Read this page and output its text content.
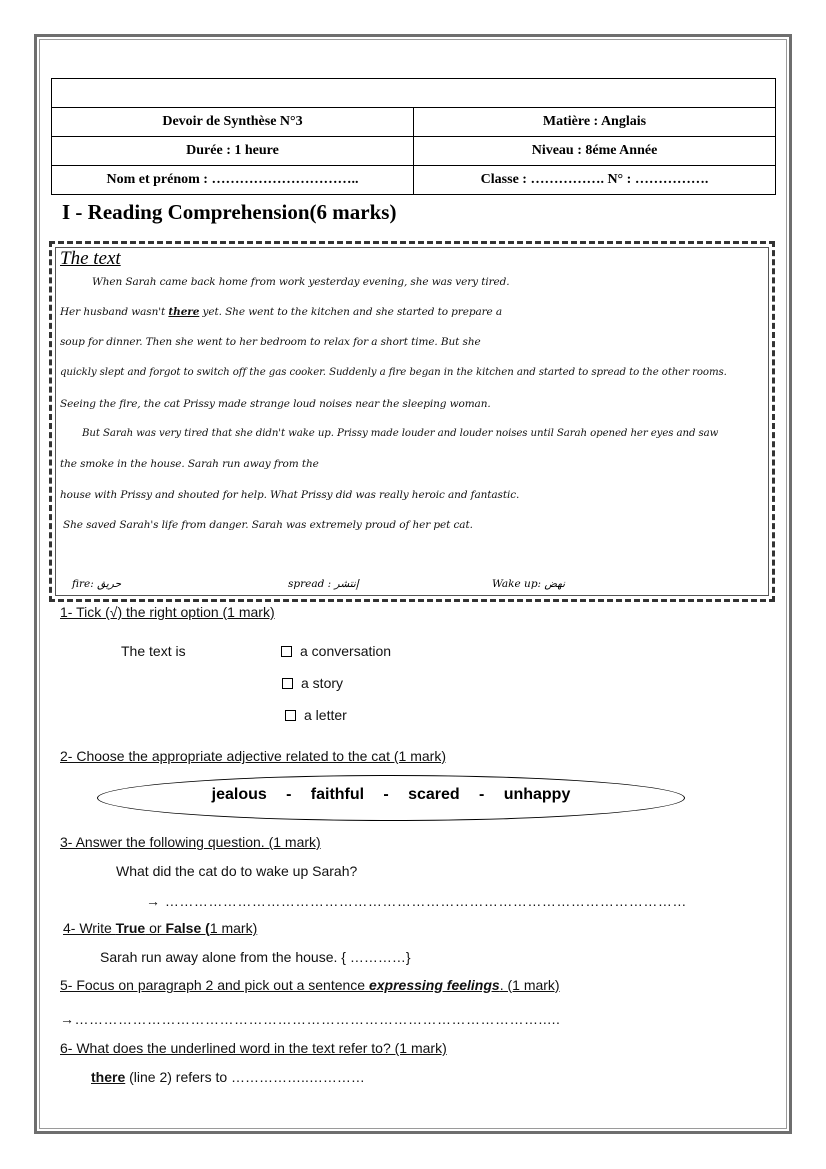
Devoir de Synthèse N°3	Matière : Anglais
Durée : 1 heure	Niveau : 8éme Année
Nom et prénom : …………………………..	Classe : ……………. N° : …………….
I - Reading Comprehension(6 marks)
The text
When Sarah came back home from work yesterday evening, she was very tired.
Her husband wasn't there yet. She went to the kitchen and she started to prepare a
soup for dinner. Then she went to her bedroom to relax for a short time. But she
quickly slept and forgot to switch off the gas cooker. Suddenly a fire began in the kitchen and started to spread to the other rooms.
Seeing the fire, the cat Prissy made strange loud noises near the sleeping woman.
But Sarah was very tired that she didn't wake up. Prissy made louder and louder noises until Sarah opened her eyes and saw
the smoke in the house. Sarah run away from the
house with Prissy and shouted for help. What Prissy did was really heroic and fantastic.
She saved Sarah's life from danger. Sarah was extremely proud of her pet cat.
fire: حريق	spread : إنتشر	Wake up: نهض
1- Tick (√) the right option (1 mark)
The text is	a conversation
a story
a letter
2- Choose the appropriate adjective related to the cat (1 mark)
jealous   -   faithful   -   scared   -   unhappy
3- Answer the following question. (1 mark)
What did the cat do to wake up Sarah?
→ ………………………………………………………………………………………………
4- Write True or False (1 mark)
Sarah run away alone from the house. { …………}
5- Focus on paragraph 2 and pick out a sentence expressing feelings. (1 mark)
→…………………………………………………………………………………….....
6- What does the underlined word in the text refer to? (1 mark)
there (line 2) refers to ……………..…………
